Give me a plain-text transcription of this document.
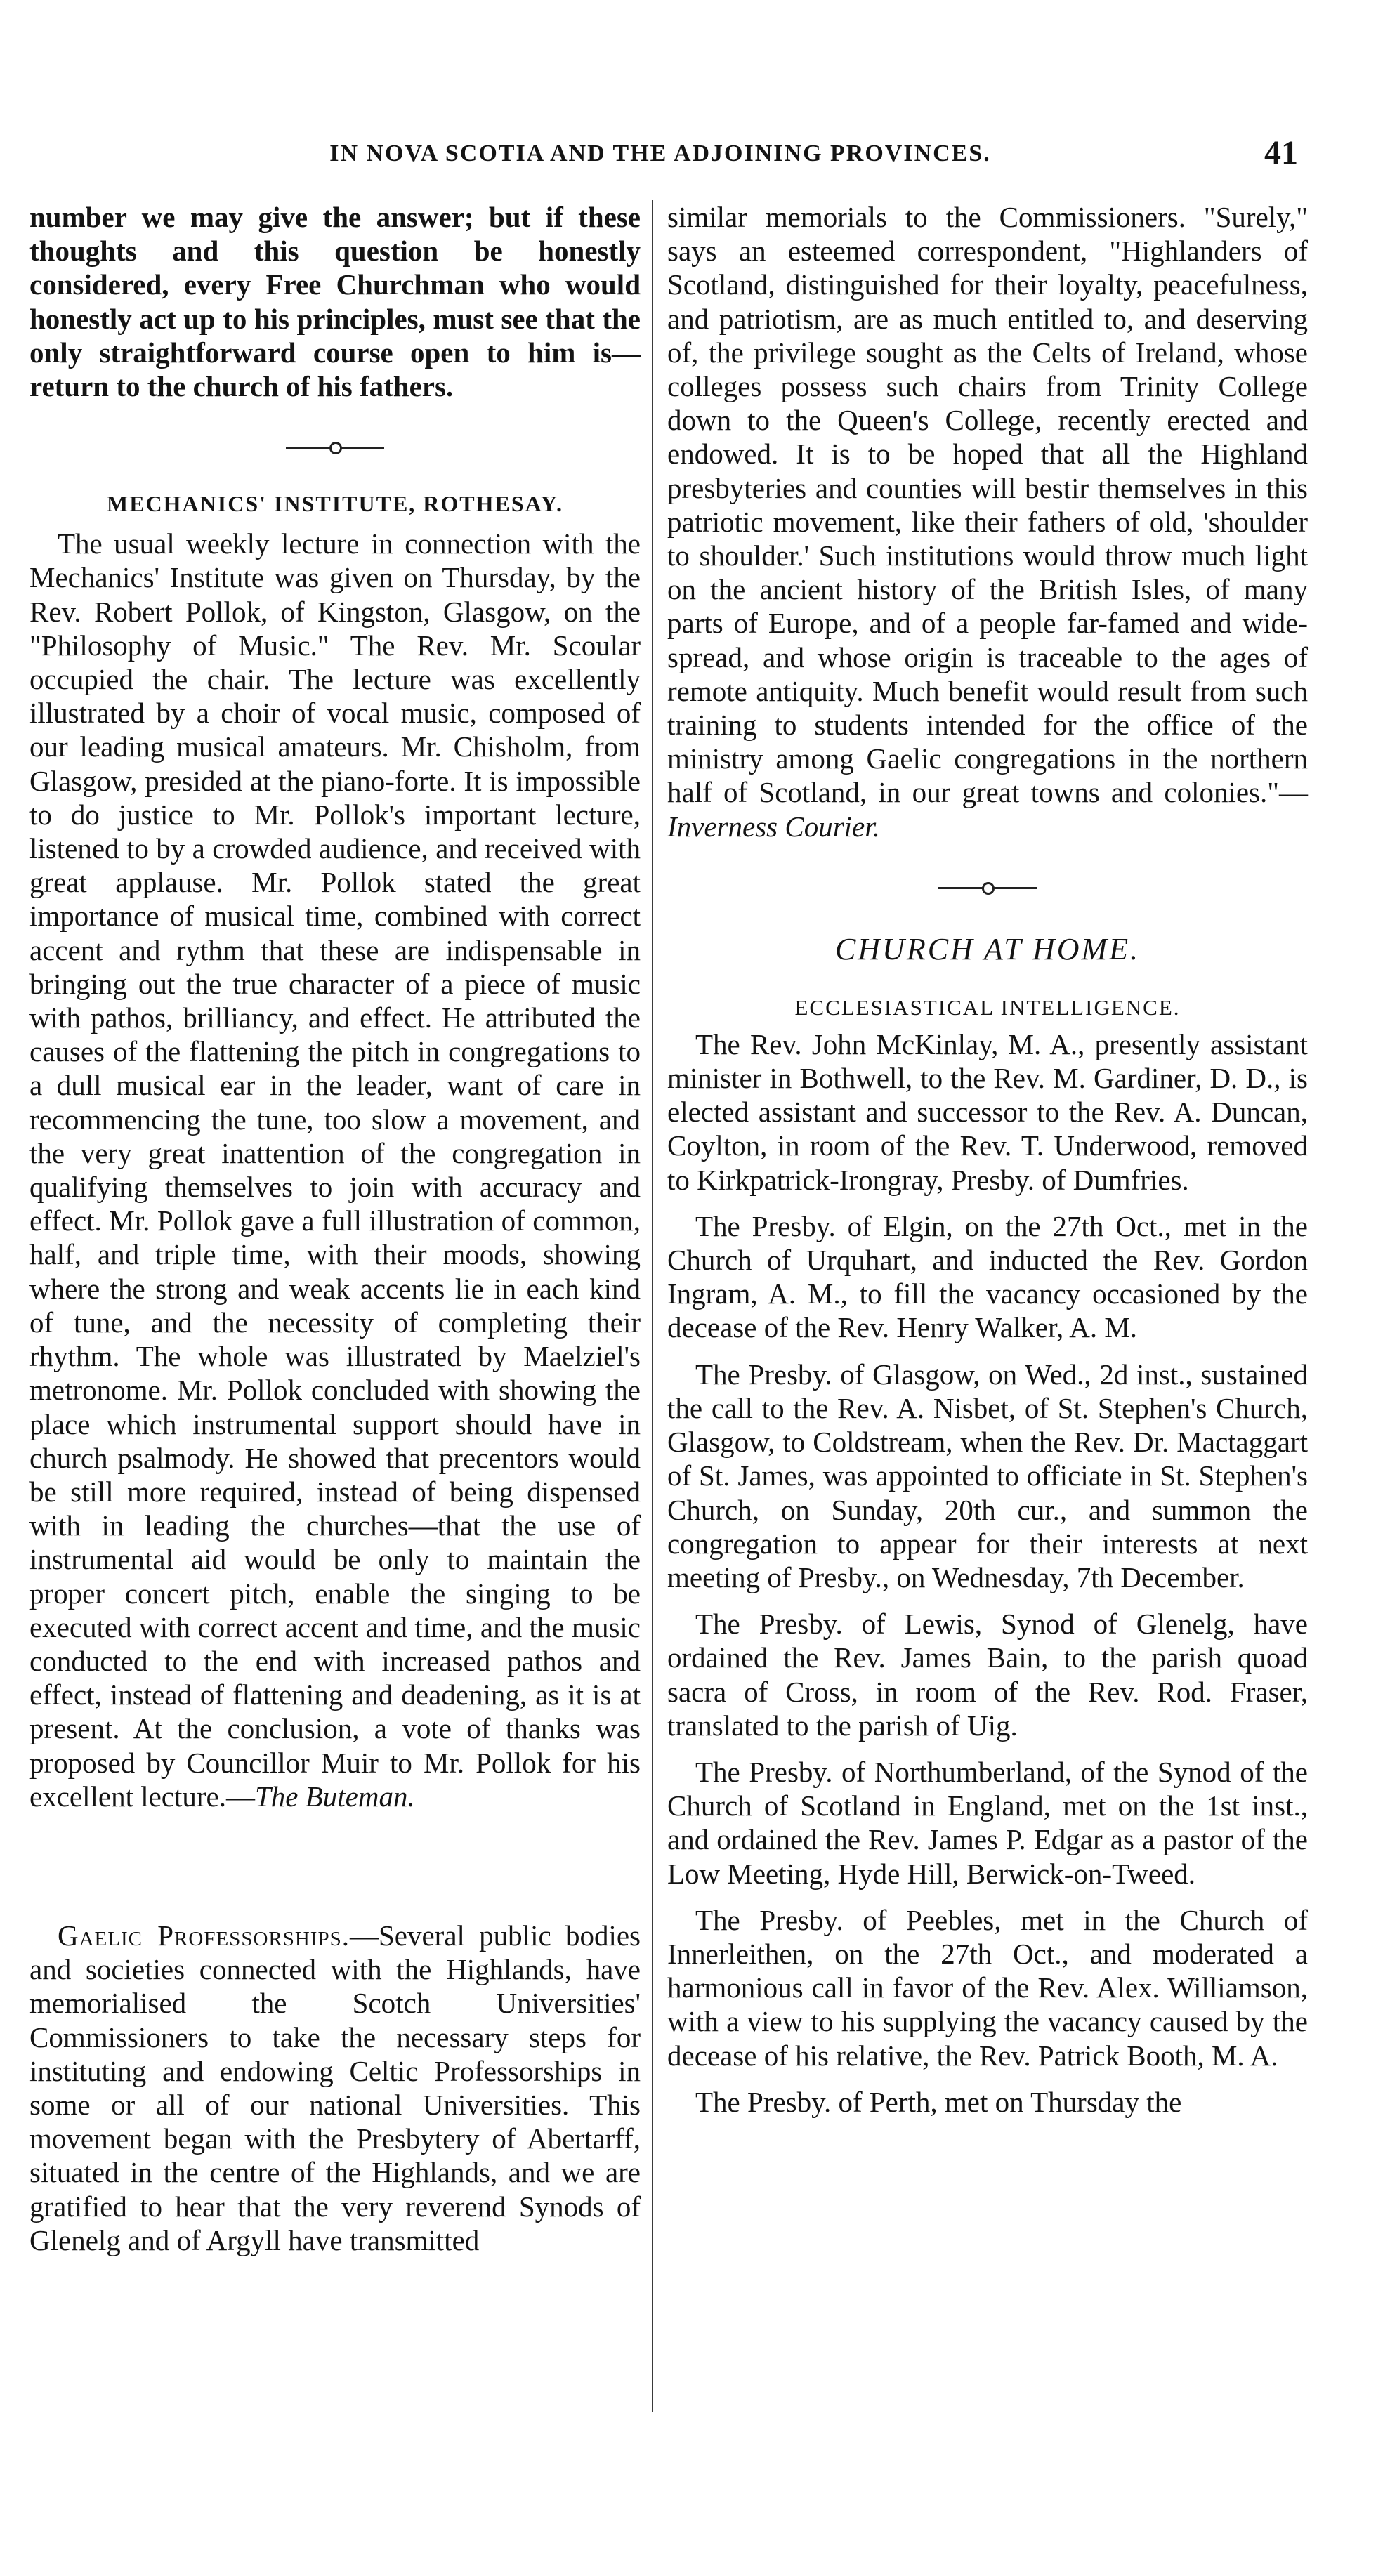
IN NOVA SCOTIA AND THE ADJOINING PROVINCES.	41

number we may give the answer; but if these thoughts and this question be honestly considered, every Free Churchman who would honestly act up to his principles, must see that the only straightforward course open to him is—return to the church of his fathers.

MECHANICS' INSTITUTE, ROTHESAY.

The usual weekly lecture in connection with the Mechanics' Institute was given on Thursday, by the Rev. Robert Pollok, of Kingston, Glasgow, on the "Philosophy of Music." The Rev. Mr. Scoular occupied the chair. The lecture was excellently illustrated by a choir of vocal music, composed of our leading musical amateurs. Mr. Chisholm, from Glasgow, presided at the piano-forte. It is impossible to do justice to Mr. Pollok's important lecture, listened to by a crowded audience, and received with great applause. Mr. Pollok stated the great importance of musical time, combined with correct accent and rythm that these are indispensable in bringing out the true character of a piece of music with pathos, brilliancy, and effect. He attributed the causes of the flattening the pitch in congregations to a dull musical ear in the leader, want of care in recommencing the tune, too slow a movement, and the very great inattention of the congregation in qualifying themselves to join with accuracy and effect. Mr. Pollok gave a full illustration of common, half, and triple time, with their moods, showing where the strong and weak accents lie in each kind of tune, and the necessity of completing their rhythm. The whole was illustrated by Maelziel's metronome. Mr. Pollok concluded with showing the place which instrumental support should have in church psalmody. He showed that precentors would be still more required, instead of being dispensed with in leading the churches—that the use of instrumental aid would be only to maintain the proper concert pitch, enable the singing to be executed with correct accent and time, and the music conducted to the end with increased pathos and effect, instead of flattening and deadening, as it is at present. At the conclusion, a vote of thanks was proposed by Councillor Muir to Mr. Pollok for his excellent lecture.—The Buteman.

Gaelic Professorships.—Several public bodies and societies connected with the Highlands, have memorialised the Scotch Universities' Commissioners to take the necessary steps for instituting and endowing Celtic Professorships in some or all of our national Universities. This movement began with the Presbytery of Abertarff, situated in the centre of the Highlands, and we are gratified to hear that the very reverend Synods of Glenelg and of Argyll have transmitted

similar memorials to the Commissioners. "Surely," says an esteemed correspondent, "Highlanders of Scotland, distinguished for their loyalty, peacefulness, and patriotism, are as much entitled to, and deserving of, the privilege sought as the Celts of Ireland, whose colleges possess such chairs from Trinity College down to the Queen's College, recently erected and endowed. It is to be hoped that all the Highland presbyteries and counties will bestir themselves in this patriotic movement, like their fathers of old, 'shoulder to shoulder.' Such institutions would throw much light on the ancient history of the British Isles, of many parts of Europe, and of a people far-famed and wide-spread, and whose origin is traceable to the ages of remote antiquity. Much benefit would result from such training to students intended for the office of the ministry among Gaelic congregations in the northern half of Scotland, in our great towns and colonies."—Inverness Courier.

CHURCH AT HOME.
ECCLESIASTICAL INTELLIGENCE.

The Rev. John McKinlay, M. A., presently assistant minister in Bothwell, to the Rev. M. Gardiner, D. D., is elected assistant and successor to the Rev. A. Duncan, Coylton, in room of the Rev. T. Underwood, removed to Kirkpatrick-Irongray, Presby. of Dumfries.

The Presby. of Elgin, on the 27th Oct., met in the Church of Urquhart, and inducted the Rev. Gordon Ingram, A. M., to fill the vacancy occasioned by the decease of the Rev. Henry Walker, A. M.

The Presby. of Glasgow, on Wed., 2d inst., sustained the call to the Rev. A. Nisbet, of St. Stephen's Church, Glasgow, to Coldstream, when the Rev. Dr. Mactaggart of St. James, was appointed to officiate in St. Stephen's Church, on Sunday, 20th cur., and summon the congregation to appear for their interests at next meeting of Presby., on Wednesday, 7th December.

The Presby. of Lewis, Synod of Glenelg, have ordained the Rev. James Bain, to the parish quoad sacra of Cross, in room of the Rev. Rod. Fraser, translated to the parish of Uig.

The Presby. of Northumberland, of the Synod of the Church of Scotland in England, met on the 1st inst., and ordained the Rev. James P. Edgar as a pastor of the Low Meeting, Hyde Hill, Berwick-on-Tweed.

The Presby. of Peebles, met in the Church of Innerleithen, on the 27th Oct., and moderated a harmonious call in favor of the Rev. Alex. Williamson, with a view to his supplying the vacancy caused by the decease of his relative, the Rev. Patrick Booth, M. A.

The Presby. of Perth, met on Thursday the
